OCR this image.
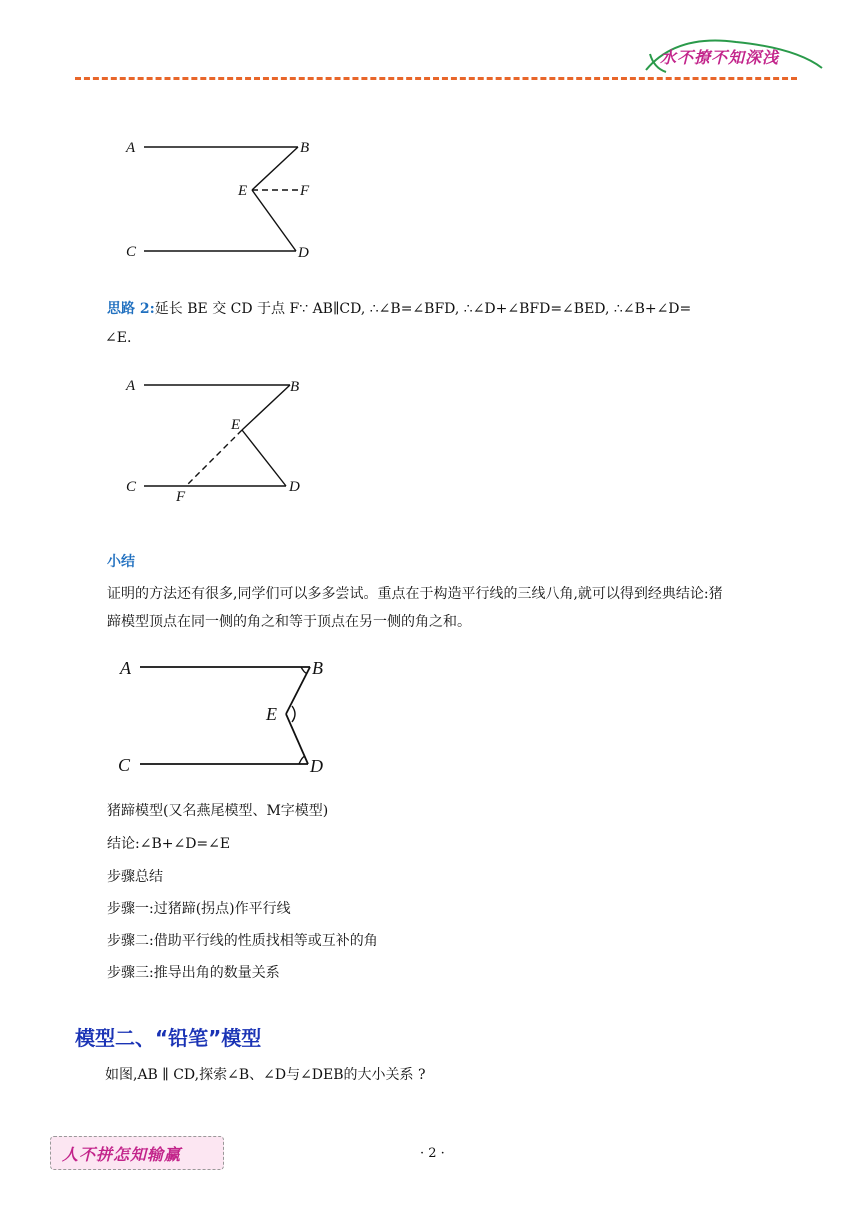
水不撩不知深浅
A	B
E	F
C	D
思路 2:延长 BE 交 CD 于点 F∵ AB∥CD, ∴∠B=∠BFD, ∴∠D+∠BFD=∠BED, ∴∠B+∠D=
∠E.
A	B
E
C
F
D
小结
证明的方法还有很多,同学们可以多多尝试。重点在于构造平行线的三线八角,就可以得到经典结论:猪
蹄模型顶点在同一侧的角之和等于顶点在另一侧的角之和。
A	B
E
C	D
猪蹄模型(又名燕尾模型、M字模型)
结论:∠B+∠D=∠E
步骤总结
步骤一:过猪蹄(拐点)作平行线
步骤二:借助平行线的性质找相等或互补的角
步骤三:推导出角的数量关系
模型二、“铅笔”模型
如图,AB ∥ CD,探索∠B、∠D与∠DEB的大小关系 ?
人不拼怎知输赢	· 2 ·
